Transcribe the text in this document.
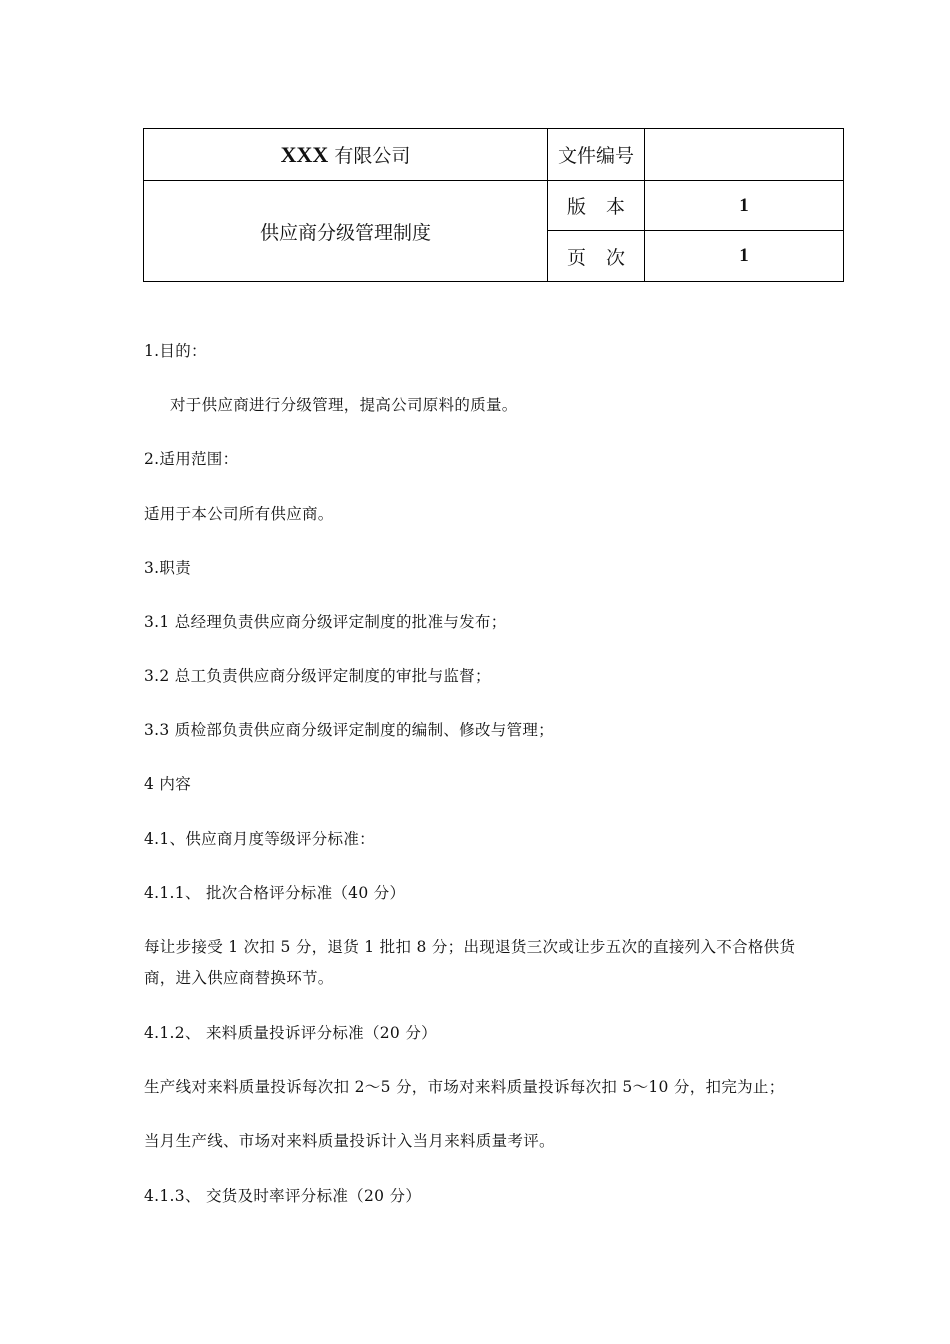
XXX 有限公司	文件编号	
供应商分级管理制度	版本	1
	页次	1
1.目的：
对于供应商进行分级管理，提高公司原料的质量。
2.适用范围：
适用于本公司所有供应商。
3.职责
3.1 总经理负责供应商分级评定制度的批准与发布；
3.2 总工负责供应商分级评定制度的审批与监督；
3.3 质检部负责供应商分级评定制度的编制、修改与管理；
4 内容
4.1、供应商月度等级评分标准：
4.1.1、 批次合格评分标准（40 分）
每让步接受 1 次扣 5 分，退货 1 批扣 8 分；出现退货三次或让步五次的直接列入不合格供货
商，进入供应商替换环节。
4.1.2、 来料质量投诉评分标准（20 分）
生产线对来料质量投诉每次扣 2～5 分，市场对来料质量投诉每次扣 5～10 分，扣完为止；
当月生产线、市场对来料质量投诉计入当月来料质量考评。
4.1.3、 交货及时率评分标准（20 分）
